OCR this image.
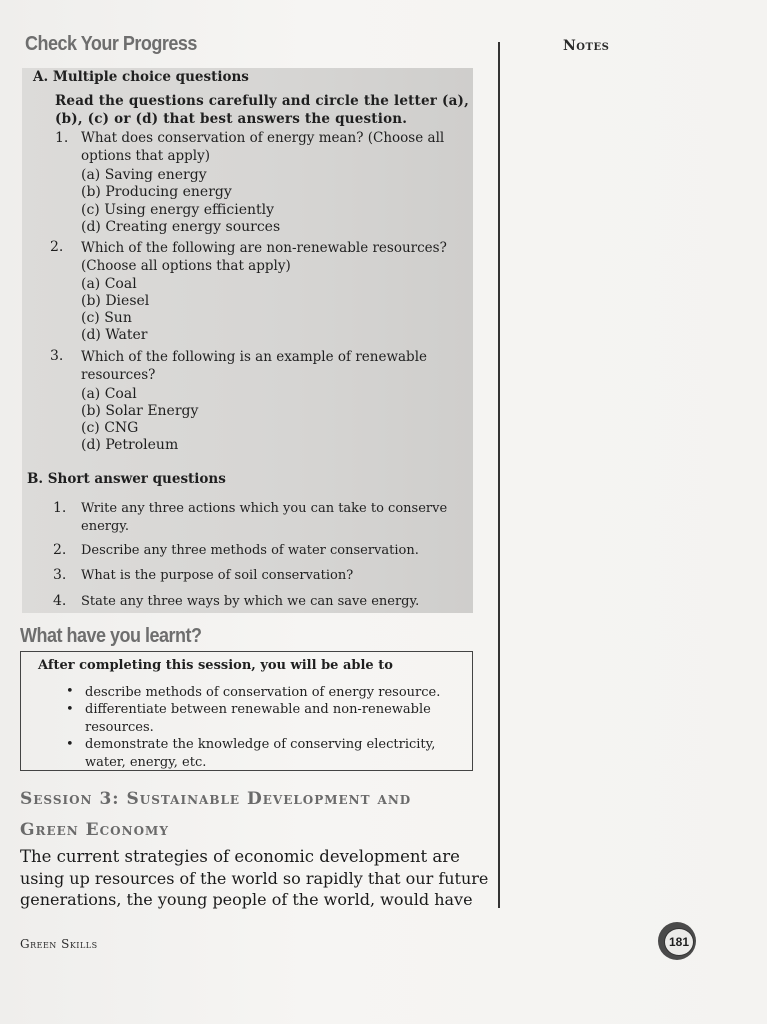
Check Your Progress	Notes
A. Multiple choice questions
Read the questions carefully and circle the letter (a),
(b), (c) or (d) that best answers the question.
1. What does conservation of energy mean? (Choose all
options that apply)
(a) Saving energy
(b) Producing energy
(c) Using energy efficiently
(d) Creating energy sources
2. Which of the following are non-renewable resources?
(Choose all options that apply)
(a) Coal
(b) Diesel
(c) Sun
(d) Water
3. Which of the following is an example of renewable
resources?
(a) Coal
(b) Solar Energy
(c) CNG
(d) Petroleum
B. Short answer questions
1. Write any three actions which you can take to conserve
energy.
2. Describe any three methods of water conservation.
3. What is the purpose of soil conservation?
4. State any three ways by which we can save energy.
What have you learnt?
After completing this session, you will be able to
• describe methods of conservation of energy resource.
• differentiate between renewable and non-renewable
resources.
• demonstrate the knowledge of conserving electricity,
water, energy, etc.
Session 3: Sustainable Development and
Green Economy
The current strategies of economic development are
using up resources of the world so rapidly that our future
generations, the young people of the world, would have
Green Skills	181
